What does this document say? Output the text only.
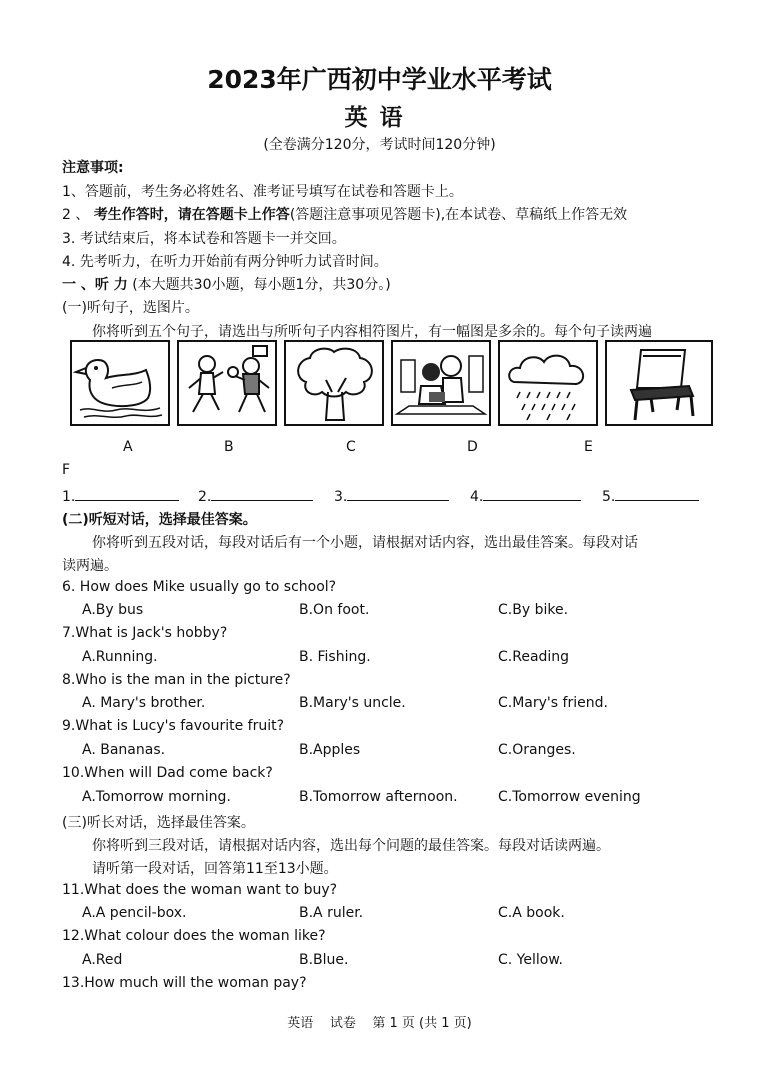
2023年广西初中学业水平考试
英语
(全卷满分120分，考试时间120分钟)
注意事项:
1、答题前，考生务必将姓名、准考证号填写在试卷和答题卡上。
2 、 考生作答时，请在答题卡上作答(答题注意事项见答题卡),在本试卷、草稿纸上作答无效
3. 考试结束后，将本试卷和答题卡一并交回。
4. 先考听力，在听力开始前有两分钟听力试音时间。
一 、听 力 (本大题共30小题，每小题1分，共30分。)
(一)听句子，选图片。
你将听到五个句子，请选出与所听句子内容相符图片，有一幅图是多余的。每个句子读两遍
A	B	C	D	E
F
1.	2.	3.	4.	5.
(二)听短对话，选择最佳答案。
你将听到五段对话，每段对话后有一个小题，请根据对话内容，选出最佳答案。每段对话
读两遍。
6. How does Mike usually go to school?
A.By bus	B.On foot.	C.By bike.
7.What is Jack's hobby?
A.Running.	B. Fishing.	C.Reading
8.Who is the man in the picture?
A. Mary's brother.	B.Mary's uncle.	C.Mary's friend.
9.What is Lucy's favourite fruit?
A. Bananas.	B.Apples	C.Oranges.
10.When will Dad come back?
A.Tomorrow morning.	B.Tomorrow afternoon.	C.Tomorrow evening
(三)听长对话，选择最佳答案。
你将听到三段对话，请根据对话内容，选出每个问题的最佳答案。每段对话读两遍。
请听第一段对话，回答第11至13小题。
11.What does the woman want to buy?
A.A pencil-box.	B.A ruler.	C.A book.
12.What colour does the woman like?
A.Red	B.Blue.	C. Yellow.
13.How much will the woman pay?
英语 试卷 第 1 页 (共 1 页)
